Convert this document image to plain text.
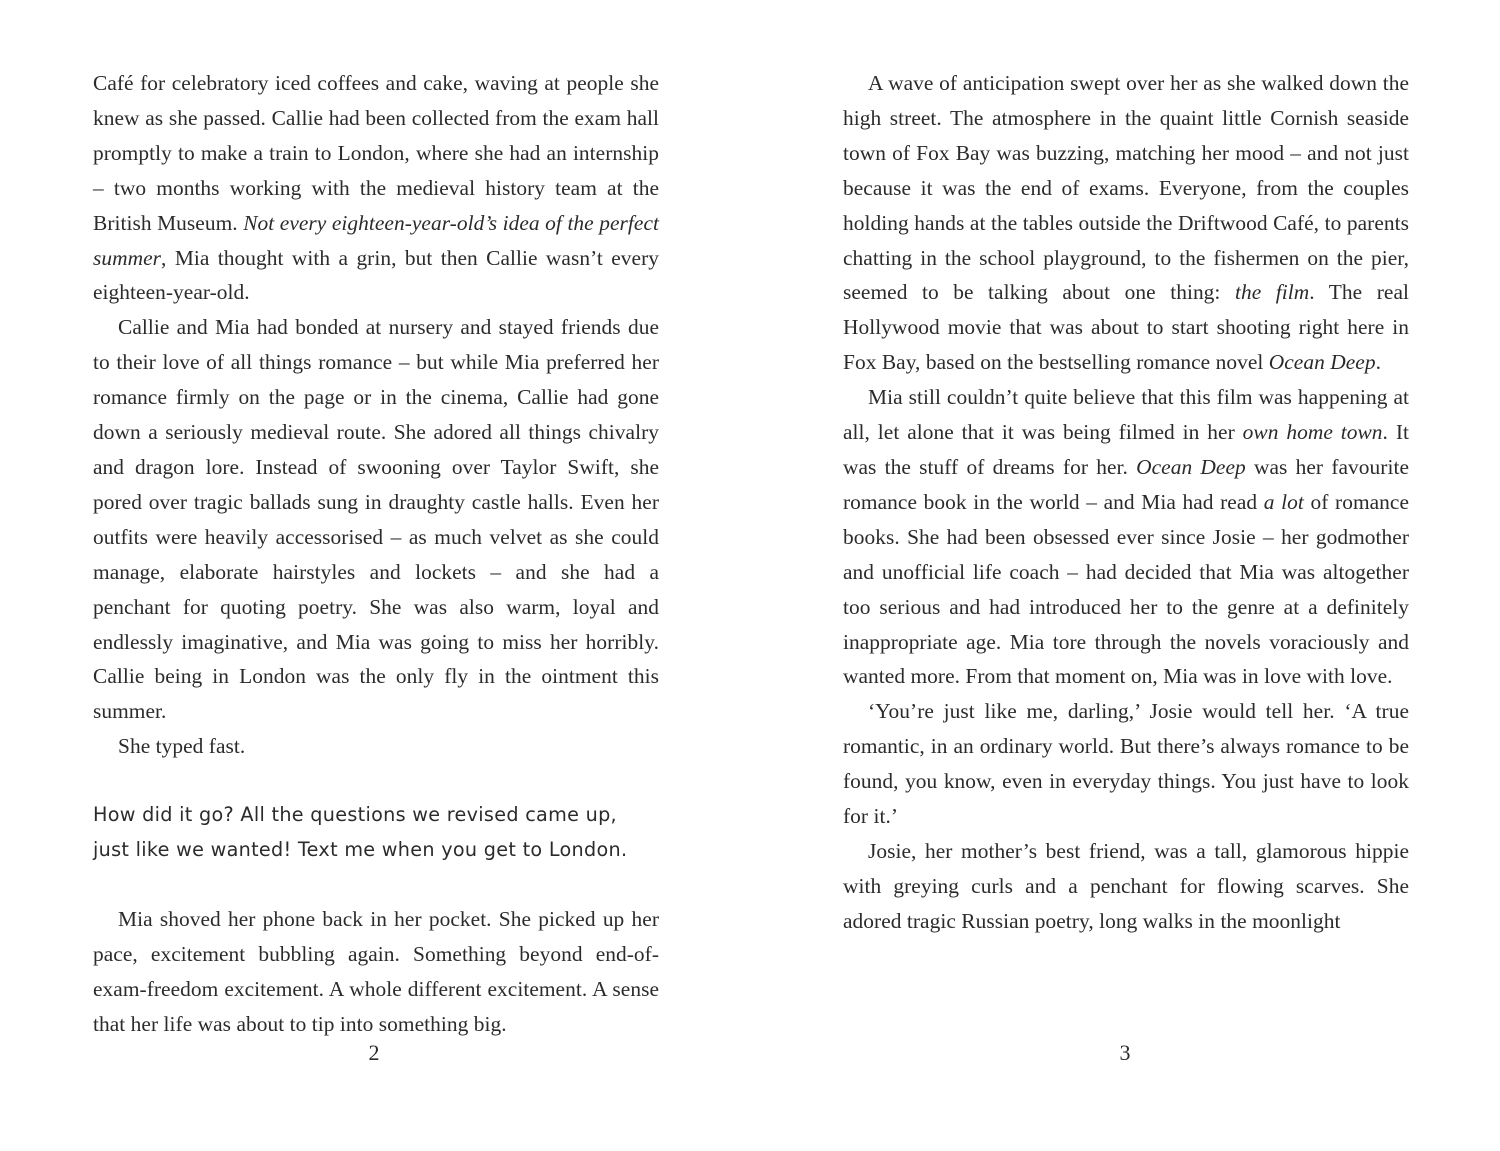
Café for celebratory iced coffees and cake, waving at people she knew as she passed. Callie had been collected from the exam hall promptly to make a train to London, where she had an internship – two months working with the medieval history team at the British Museum. Not every eighteen-year-old’s idea of the perfect summer, Mia thought with a grin, but then Callie wasn’t every eighteen-year-old.

Callie and Mia had bonded at nursery and stayed friends due to their love of all things romance – but while Mia preferred her romance firmly on the page or in the cinema, Callie had gone down a seriously medieval route. She adored all things chivalry and dragon lore. Instead of swooning over Taylor Swift, she pored over tragic ballads sung in draughty castle halls. Even her outfits were heavily accessorised – as much velvet as she could manage, elaborate hairstyles and lockets – and she had a penchant for quoting poetry. She was also warm, loyal and endlessly imaginative, and Mia was going to miss her horribly. Callie being in London was the only fly in the ointment this summer.

She typed fast.

How did it go? All the questions we revised came up,
just like we wanted! Text me when you get to London.

Mia shoved her phone back in her pocket. She picked up her pace, excitement bubbling again. Something beyond end-of-exam-freedom excitement. A whole different excitement. A sense that her life was about to tip into something big.

A wave of anticipation swept over her as she walked down the high street. The atmosphere in the quaint little Cornish seaside town of Fox Bay was buzzing, matching her mood – and not just because it was the end of exams. Everyone, from the couples holding hands at the tables outside the Driftwood Café, to parents chatting in the school playground, to the fishermen on the pier, seemed to be talking about one thing: the film. The real Hollywood movie that was about to start shooting right here in Fox Bay, based on the bestselling romance novel Ocean Deep.

Mia still couldn’t quite believe that this film was happening at all, let alone that it was being filmed in her own home town. It was the stuff of dreams for her. Ocean Deep was her favourite romance book in the world – and Mia had read a lot of romance books. She had been obsessed ever since Josie – her godmother and unofficial life coach – had decided that Mia was altogether too serious and had introduced her to the genre at a definitely inappropriate age. Mia tore through the novels voraciously and wanted more. From that moment on, Mia was in love with love.

‘You’re just like me, darling,’ Josie would tell her. ‘A true romantic, in an ordinary world. But there’s always romance to be found, you know, even in everyday things. You just have to look for it.’

Josie, her mother’s best friend, was a tall, glamorous hippie with greying curls and a penchant for flowing scarves. She adored tragic Russian poetry, long walks in the moonlight

2	3
